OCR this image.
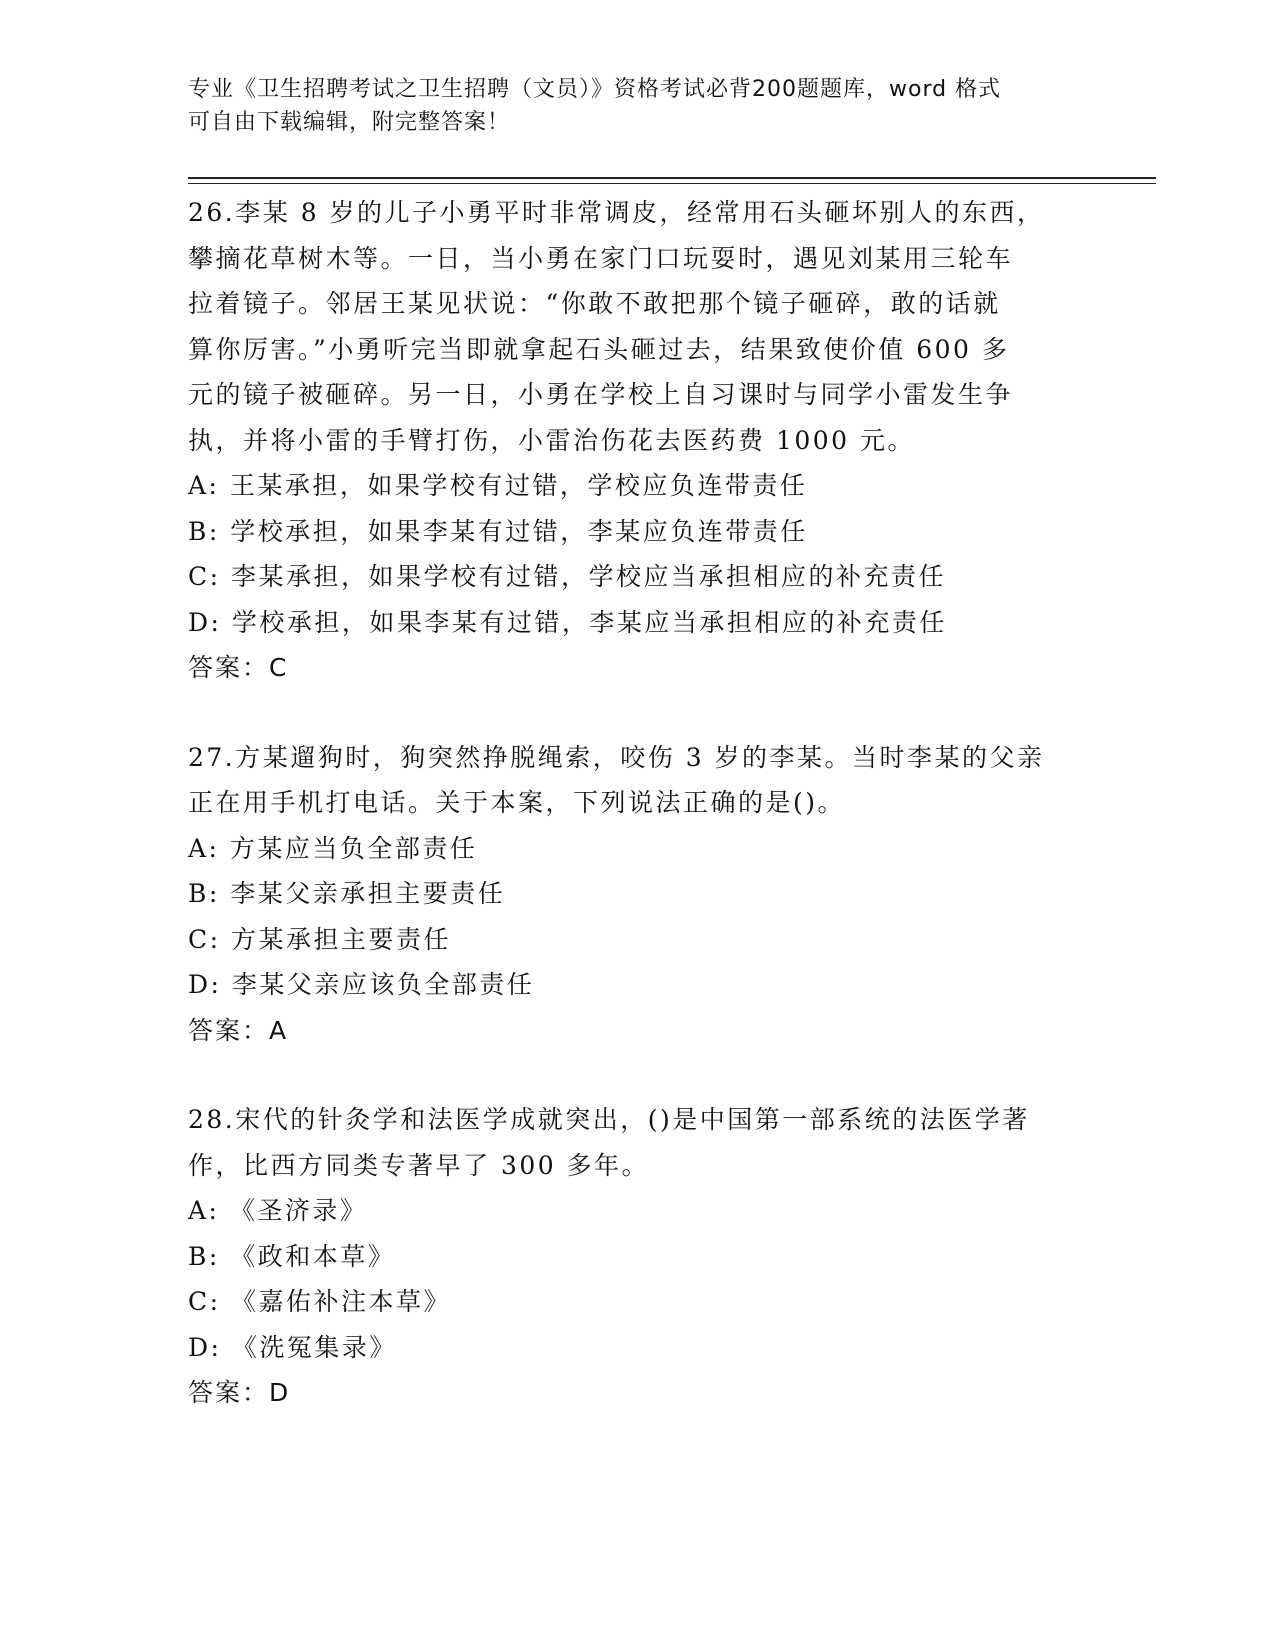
专业《卫生招聘考试之卫生招聘（文员）》资格考试必背200题题库，word 格式
可自由下载编辑，附完整答案！

26.李某 8 岁的儿子小勇平时非常调皮，经常用石头砸坏别人的东西，

攀摘花草树木等。一日，当小勇在家门口玩耍时，遇见刘某用三轮车

拉着镜子。邻居王某见状说：“你敢不敢把那个镜子砸碎，敢的话就

算你厉害。”小勇听完当即就拿起石头砸过去，结果致使价值 600 多

元的镜子被砸碎。另一日，小勇在学校上自习课时与同学小雷发生争

执，并将小雷的手臂打伤，小雷治伤花去医药费 1000 元。

A: 王某承担，如果学校有过错，学校应负连带责任

B: 学校承担，如果李某有过错，李某应负连带责任

C: 李某承担，如果学校有过错，学校应当承担相应的补充责任

D: 学校承担，如果李某有过错，李某应当承担相应的补充责任

答案：C

27.方某遛狗时，狗突然挣脱绳索，咬伤 3 岁的李某。当时李某的父亲

正在用手机打电话。关于本案，下列说法正确的是()。

A: 方某应当负全部责任

B: 李某父亲承担主要责任

C: 方某承担主要责任

D: 李某父亲应该负全部责任

答案：A

28.宋代的针灸学和法医学成就突出，()是中国第一部系统的法医学著

作，比西方同类专著早了 300 多年。

A: 《圣济录》

B: 《政和本草》

C: 《嘉佑补注本草》

D: 《洗冤集录》

答案：D
